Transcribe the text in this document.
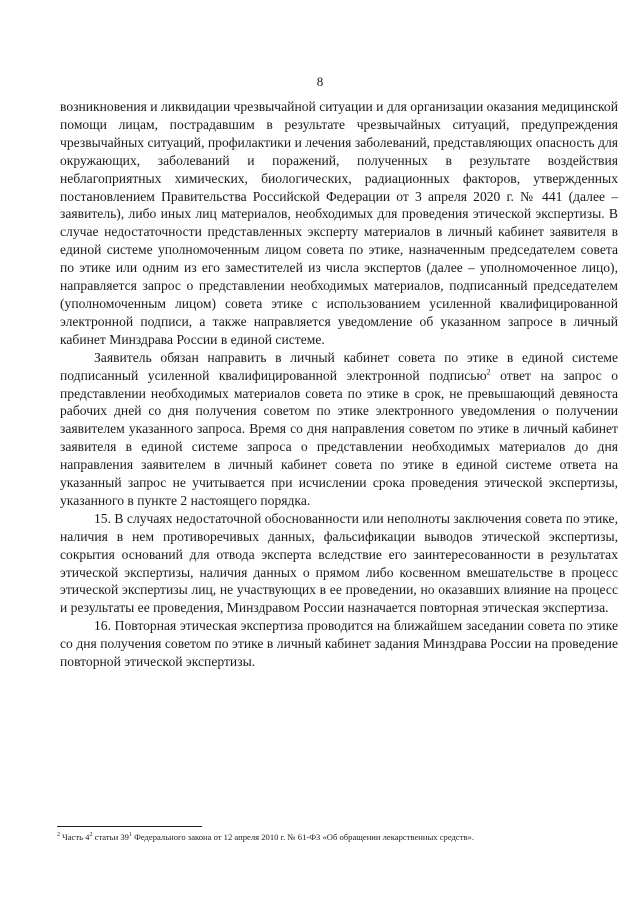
8

возникновения и ликвидации чрезвычайной ситуации и для организации оказания медицинской помощи лицам, пострадавшим в результате чрезвычайных ситуаций, предупреждения чрезвычайных ситуаций, профилактики и лечения заболеваний, представляющих опасность для окружающих, заболеваний и поражений, полученных в результате воздействия неблагоприятных химических, биологических, радиационных факторов, утвержденных постановлением Правительства Российской Федерации от 3 апреля 2020 г. № 441 (далее – заявитель), либо иных лиц материалов, необходимых для проведения этической экспертизы. В случае недостаточности представленных эксперту материалов в личный кабинет заявителя в единой системе уполномоченным лицом совета по этике, назначенным председателем совета по этике или одним из его заместителей из числа экспертов (далее – уполномоченное лицо), направляется запрос о представлении необходимых материалов, подписанный председателем (уполномоченным лицом) совета этике с использованием усиленной квалифицированной электронной подписи, а также направляется уведомление об указанном запросе в личный кабинет Минздрава России в единой системе.

Заявитель обязан направить в личный кабинет совета по этике в единой системе подписанный усиленной квалифицированной электронной подписью$^2$ ответ на запрос о представлении необходимых материалов совета по этике в срок, не превышающий девяноста рабочих дней со дня получения советом по этике электронного уведомления о получении заявителем указанного запроса. Время со дня направления советом по этике в личный кабинет заявителя в единой системе запроса о представлении необходимых материалов до дня направления заявителем в личный кабинет совета по этике в единой системе ответа на указанный запрос не учитывается при исчислении срока проведения этической экспертизы, указанного в пункте 2 настоящего порядка.

15. В случаях недостаточной обоснованности или неполноты заключения совета по этике, наличия в нем противоречивых данных, фальсификации выводов этической экспертизы, сокрытия оснований для отвода эксперта вследствие его заинтересованности в результатах этической экспертизы, наличия данных о прямом либо косвенном вмешательстве в процесс этической экспертизы лиц, не участвующих в ее проведении, но оказавших влияние на процесс и результаты ее проведения, Минздравом России назначается повторная этическая экспертиза.

16. Повторная этическая экспертиза проводится на ближайшем заседании совета по этике со дня получения советом по этике в личный кабинет задания Минздрава России на проведение повторной этической экспертизы.

$^2$ Часть $4^2$ статьи $39^1$ Федерального закона от 12 апреля 2010 г. № 61-ФЗ «Об обращении лекарственных средств».
